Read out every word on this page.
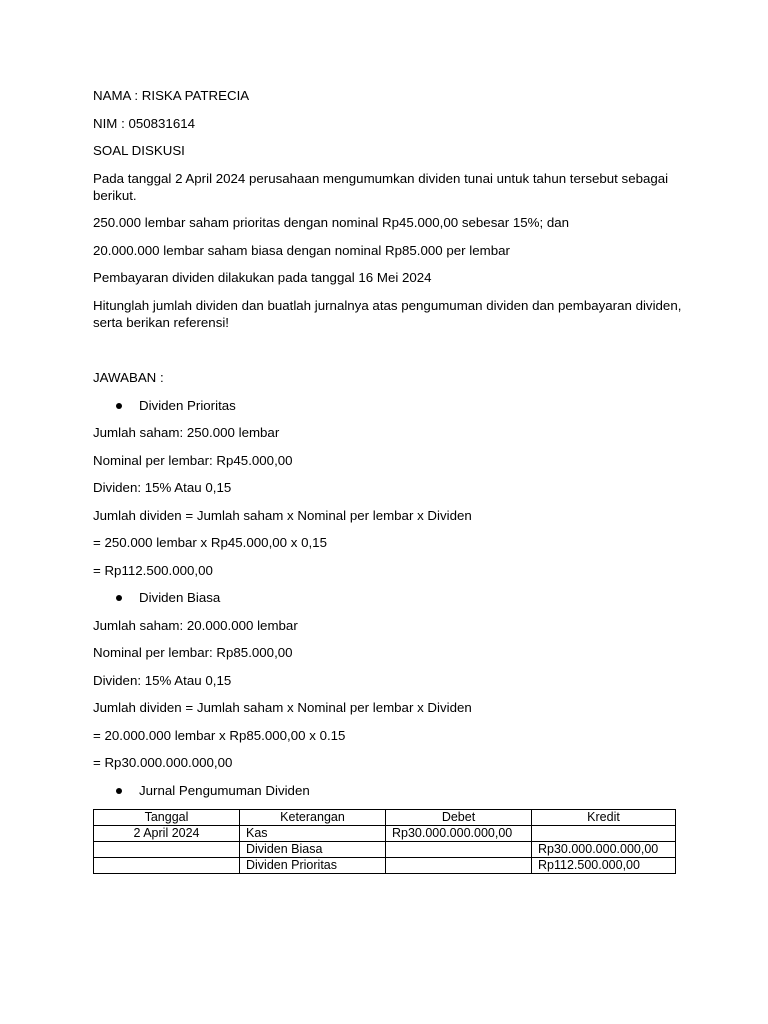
NAMA : RISKA PATRECIA

NIM : 050831614

SOAL DISKUSI

Pada tanggal 2 April 2024 perusahaan mengumumkan dividen tunai untuk tahun tersebut sebagai berikut.

250.000 lembar saham prioritas dengan nominal Rp45.000,00 sebesar 15%; dan

20.000.000 lembar saham biasa dengan nominal Rp85.000 per lembar

Pembayaran dividen dilakukan pada tanggal 16 Mei 2024

Hitunglah jumlah dividen dan buatlah jurnalnya atas pengumuman dividen dan pembayaran dividen, serta berikan referensi!

JAWABAN :

Dividen Prioritas

Jumlah saham: 250.000 lembar

Nominal per lembar: Rp45.000,00

Dividen: 15% Atau 0,15

Jumlah dividen = Jumlah saham x Nominal per lembar x Dividen

= 250.000 lembar x Rp45.000,00 x 0,15

= Rp112.500.000,00

Dividen Biasa

Jumlah saham: 20.000.000 lembar

Nominal per lembar: Rp85.000,00

Dividen: 15% Atau 0,15

Jumlah dividen = Jumlah saham x Nominal per lembar x Dividen

= 20.000.000 lembar x Rp85.000,00 x 0.15

= Rp30.000.000.000,00

Jurnal Pengumuman Dividen
Tanggal	Keterangan	Debet	Kredit
2 April 2024	Kas	Rp30.000.000.000,00	
	Dividen Biasa		Rp30.000.000.000,00
	Dividen Prioritas		Rp112.500.000,00
